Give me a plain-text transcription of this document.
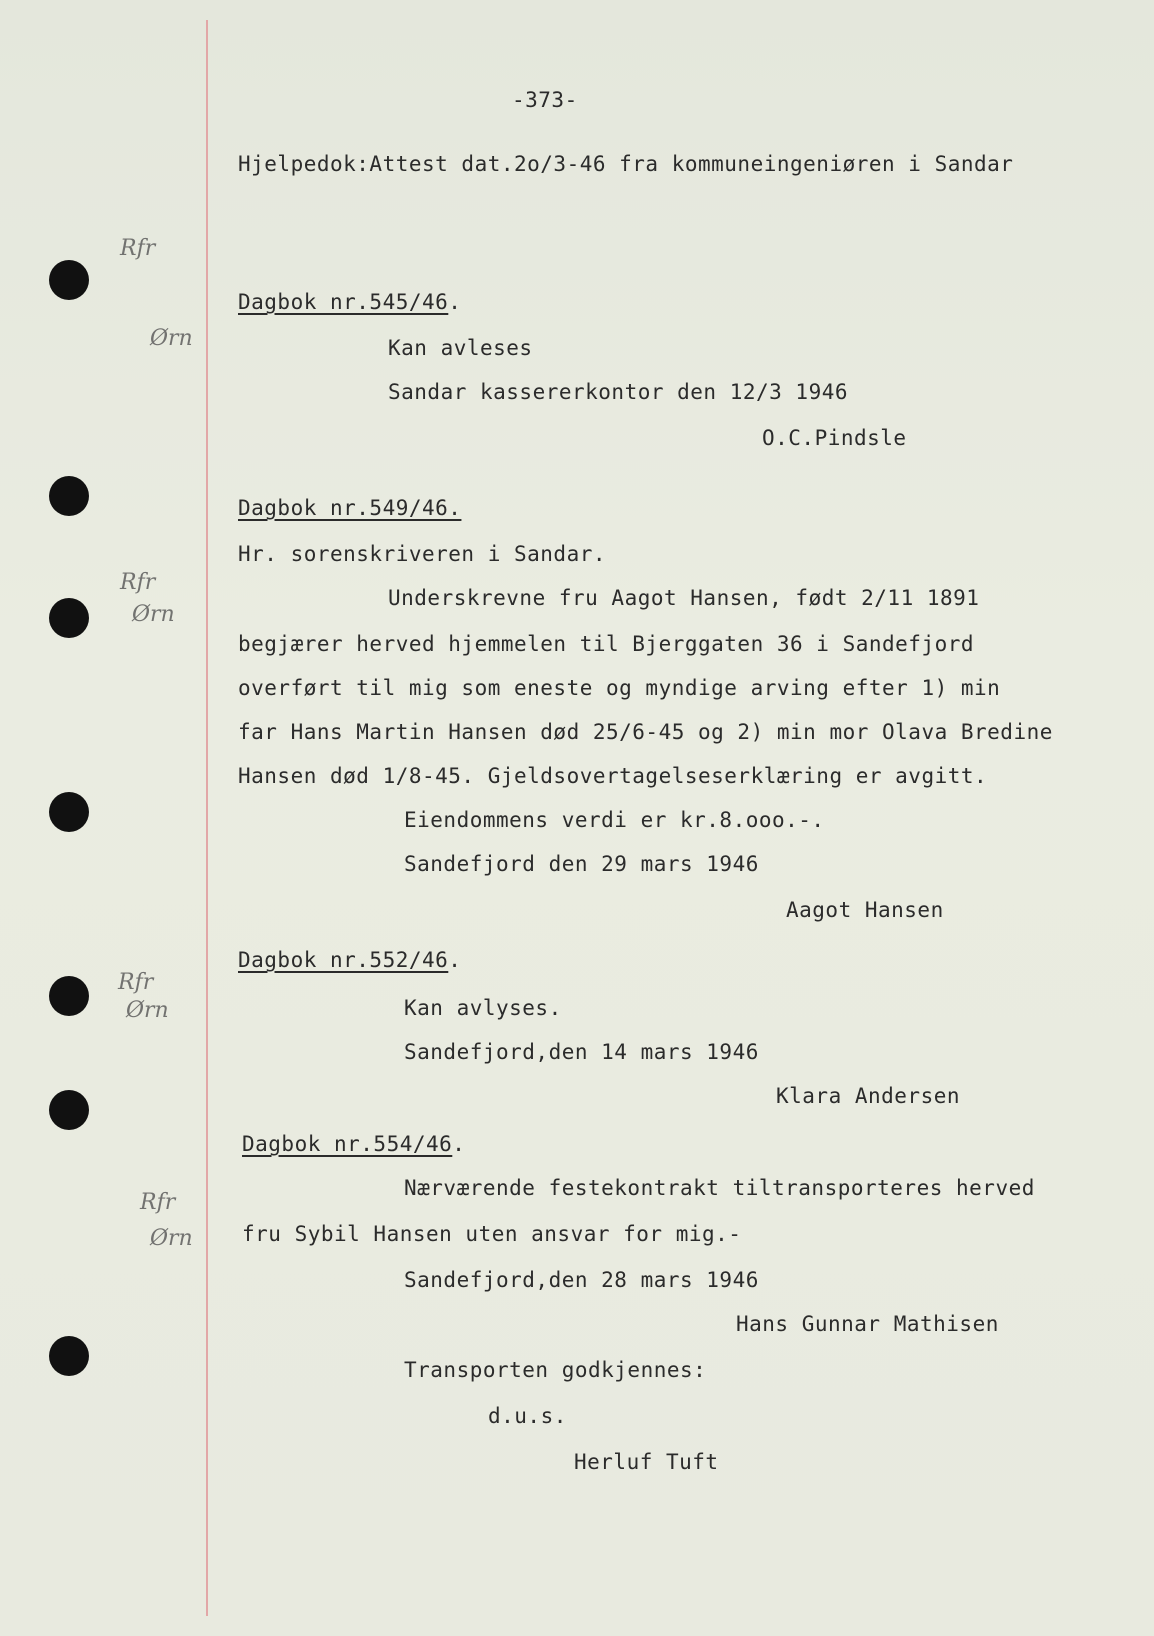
Rfr
Ørn
Rfr
Ørn
Rfr
Ørn
Rfr
Ørn
-373-
Hjelpedok:Attest dat.2o/3-46 fra kommuneingeniøren i Sandar
Dagbok nr.545/46.
Kan avleses
Sandar kassererkontor den 12/3 1946
O.C.Pindsle
Dagbok nr.549/46.
Hr. sorenskriveren i Sandar.
Underskrevne fru Aagot Hansen, født 2/11 1891
begjærer herved hjemmelen til Bjerggaten 36 i Sandefjord
overført til mig som eneste og myndige arving efter 1) min
far Hans Martin Hansen død 25/6-45 og 2) min mor Olava Bredine
Hansen død 1/8-45. Gjeldsovertagelseserklæring er avgitt.
Eiendommens verdi er kr.8.ooo.-.
Sandefjord den 29 mars 1946
Aagot Hansen
Dagbok nr.552/46.
Kan avlyses.
Sandefjord,den 14 mars 1946
Klara Andersen
Dagbok nr.554/46.
Nærværende festekontrakt tiltransporteres herved
fru Sybil Hansen uten ansvar for mig.-
Sandefjord,den 28 mars 1946
Hans Gunnar Mathisen
Transporten godkjennes:
d.u.s.
Herluf Tuft
